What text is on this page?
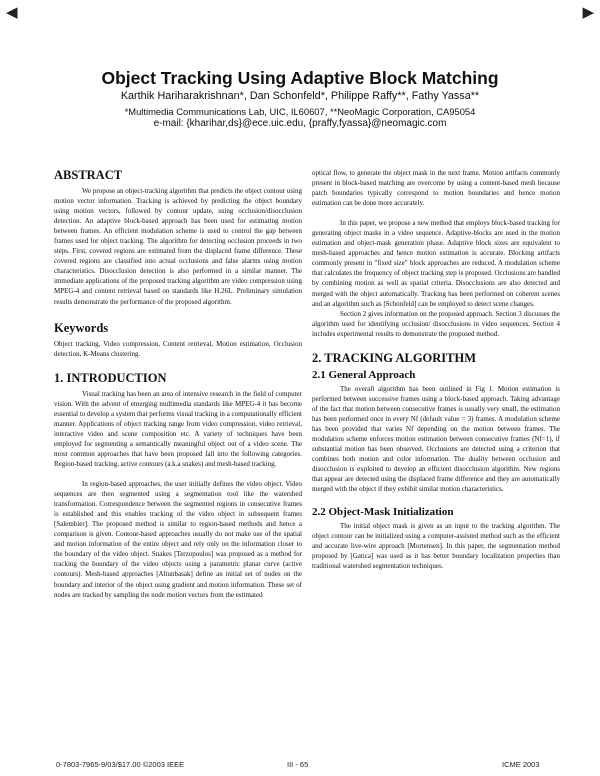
◀	▶
Object Tracking Using Adaptive Block Matching
Karthik Hariharakrishnan*, Dan Schonfeld*, Philippe Raffy**, Fathy Yassa**
*Multimedia Communications Lab, UIC, IL60607, **NeoMagic Corporation, CA95054
e-mail: {kharihar,ds}@ece.uic.edu, {praffy,fyassa}@neomagic.com
ABSTRACT

We propose an object-tracking algorithm that predicts the object contour using motion vector information. Tracking is achieved by predicting the object boundary using motion vectors, followed by contour update, using occlusion/disocclusion detection. An adaptive block-based approach has been used for estimating motion between frames. An efficient modulation scheme is used to control the gap between frames used for object tracking. The algorithm for detecting occlusion proceeds in two steps. First, covered regions are estimated from the displaced frame difference. These covered regions are classified into actual occlusions and false alarms using motion characteristics. Disocclusion detection is also performed in a similar manner. The immediate applications of the proposed tracking algorithm are video compression using MPEG-4 and content retrieval based on standards like H.26L. Preliminary simulation results demonstrate the performance of the proposed algorithm.

Keywords

Object tracking, Video compression, Content retrieval, Motion estimation, Occlusion detection, K-Means clustering.

1. INTRODUCTION

Visual tracking has been an area of intensive research in the field of computer vision. With the advent of emerging multimedia standards like MPEG-4 it has become essential to develop a system that performs visual tracking in a computationally efficient manner. Applications of object tracking range from video compression, video retrieval, interactive video and scene composition etc. A variety of techniques have been employed for segmenting a semantically meaningful object out of a video scene. The most common approaches that have been proposed fall into the following categories. Region-based tracking, active contours (a.k.a snakes) and mesh-based tracking.

In region-based approaches, the user initially defines the video object. Video sequences are then segmented using a segmentation tool like the watershed transformation. Correspondence between the segmented regions in consecutive frames is established and this enables tracking of the video object in subsequent frames [Salembier]. The proposed method is similar to region-based methods and hence a comparison is given. Contour-based approaches usually do not make use of the spatial and motion information of the entire object and rely only on the information closer to the boundary of the video object. Snakes [Terzopoulos] was proposed as a method for tracking the boundary of the video objects using a parametric planar curve (active contours). Mesh-based approaches [Altunbasak] define an initial set of nodes on the boundary and interior of the object using gradient and motion information. These set of nodes are tracked by sampling the node motion vectors from the estimated

optical flow, to generate the object mask in the next frame. Motion artifacts commonly present in block-based matching are overcome by using a content-based mesh because patch boundaries typically correspond to motion boundaries and hence motion estimation can be done more accurately.

In this paper, we propose a new method that employs block-based tracking for generating object masks in a video sequence. Adaptive-blocks are used in the motion estimation and object-mask generation phase. Adaptive block sizes are equivalent to mesh-based approaches and hence motion estimation is accurate. Blocking artifacts commonly present in "fixed size" block approaches are reduced. A modulation scheme that calculates the frequency of object tracking step is proposed. Occlusions are handled by combining motion as well as spatial criteria. Disocclusions are also detected and merged with the object automatically. Tracking has been performed on coherent scenes and an algorithm such as [Schonfeld] can be employed to detect scene changes.

Section 2 gives information on the proposed approach. Section 3 discusses the algorithm used for identifying occlusion/ disocclusions in video sequences. Section 4 includes experimental results to demonstrate the proposed method.

2. TRACKING ALGORITHM
2.1 General Approach

The overall algorithm has been outlined in Fig 1. Motion estimation is performed between successive frames using a block-based approach. Taking advantage of the fact that motion between consecutive frames is usually very small, the estimation has been performed once in every Nf (default value = 3) frames. A modulation scheme has been provided that varies Nf depending on the motion between frames. The modulation scheme enforces motion estimation between consecutive frames (Nf=1), if substantial motion has been observed. Occlusions are detected using a criterion that combines both motion and color information. The duality between occlusion and disocclusion is exploited to develop an efficient disocclusion algorithm. New regions that appear are detected using the displaced frame difference and they are automatically merged with the object if they exhibit similar motion characteristics.

2.2 Object-Mask Initialization

The initial object mask is given as an input to the tracking algorithm. The object contour can be initialized using a computer-assisted method such as the efficient and accurate live-wire approach [Mortensen]. In this paper, the segmentation method proposed by [Gatica] was used as it has better boundary localization properties than traditional watershed segmentation techniques.

0-7803-7965-9/03/$17.00 ©2003 IEEE	III - 65	ICME 2003
